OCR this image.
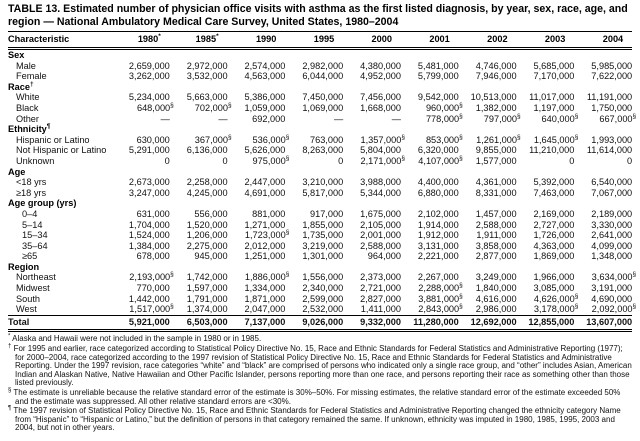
TABLE 13. Estimated number of physician office visits with asthma as the first listed diagnosis, by year, sex, race, age, and region — National Ambulatory Medical Care Survey, United States, 1980–2004
Characteristic	1980*	1985*	1990	1995	2000	2001	2002	2003	2004
Sex									
Male	2,659,000	2,972,000	2,574,000	2,982,000	4,380,000	5,481,000	4,746,000	5,685,000	5,985,000
Female	3,262,000	3,532,000	4,563,000	6,044,000	4,952,000	5,799,000	7,946,000	7,170,000	7,622,000
Race†
White	5,234,000	5,663,000	5,386,000	7,450,000	7,456,000	9,542,000	10,513,000	11,017,000	11,191,000
Black	648,000§	702,000§	1,059,000	1,069,000	1,668,000	960,000§	1,382,000	1,197,000	1,750,000
Other	—	—	692,000	—	—	778,000§	797,000§	640,000§	667,000§
Ethnicity¶
Hispanic or Latino	630,000	367,000§	536,000§	763,000	1,357,000§	853,000§	1,261,000§	1,645,000§	1,993,000
Not Hispanic or Latino	5,291,000	6,136,000	5,626,000	8,263,000	5,804,000	6,320,000	9,855,000	11,210,000	11,614,000
Unknown	0	0	975,000§	0	2,171,000§	4,107,000§	1,577,000	0	0
Age									
<18 yrs	2,673,000	2,258,000	2,447,000	3,210,000	3,988,000	4,400,000	4,361,000	5,392,000	6,540,000
≥18 yrs	3,247,000	4,245,000	4,691,000	5,817,000	5,344,000	6,880,000	8,331,000	7,463,000	7,067,000
Age group (yrs)									
0–4	631,000	556,000	881,000	917,000	1,675,000	2,102,000	1,457,000	2,169,000	2,189,000
5–14	1,704,000	1,520,000	1,271,000	1,855,000	2,105,000	1,914,000	2,588,000	2,727,000	3,330,000
15–34	1,524,000	1,206,000	1,723,000§	1,735,000	2,001,000	1,912,000	1,911,000	1,726,000	2,641,000
35–64	1,384,000	2,275,000	2,012,000	3,219,000	2,588,000	3,131,000	3,858,000	4,363,000	4,099,000
≥65	678,000	945,000	1,251,000	1,301,000	964,000	2,221,000	2,877,000	1,869,000	1,348,000
Region									
Northeast	2,193,000§	1,742,000	1,886,000§	1,556,000	2,373,000	2,267,000	3,249,000	1,966,000	3,634,000§
Midwest	770,000	1,597,000	1,334,000	2,340,000	2,721,000	2,288,000§	1,840,000	3,085,000	3,191,000
South	1,442,000	1,791,000	1,871,000	2,599,000	2,827,000	3,881,000§	4,616,000	4,626,000§	4,690,000
West	1,517,000§	1,374,000	2,047,000	2,532,000	1,411,000	2,843,000§	2,986,000	3,178,000§	2,092,000§
Total	5,921,000	6,503,000	7,137,000	9,026,000	9,332,000	11,280,000	12,692,000	12,855,000	13,607,000
* Alaska and Hawaii were not included in the sample in 1980 or in 1985.
† For 1995 and earlier, race categorized according to Statistical Policy Directive No. 15, Race and Ethnic Standards for Federal Statistics and Administrative Reporting (1977); for 2000–2004, race categorized according to the 1997 revision of Statistical Policy Directive No. 15, Race and Ethnic Standards for Federal Statistics and Administrative Reporting. Under the 1997 revision, race categories “white” and “black” are comprised of persons who indicated only a single race group, and “other” includes Asian, American Indian and Alaskan Native, Native Hawaiian and Other Pacific Islander, persons reporting more than one race, and persons reporting their race as something other than those listed previously.
§ The estimate is unreliable because the relative standard error of the estimate is 30%–50%. For missing estimates, the relative standard error of the estimate exceeded 50% and the estimate was suppressed. All other relative standard errors are <30%.
¶ The 1997 revision of Statistical Policy Directive No. 15, Race and Ethnic Standards for Federal Statistics and Administrative Reporting changed the ethnicity category Name from “Hispanic” to “Hispanic or Latino,” but the definition of persons in that category remained the same. If unknown, ethnicity was imputed in 1980, 1985, 1995, 2003 and 2004, but not in other years.
